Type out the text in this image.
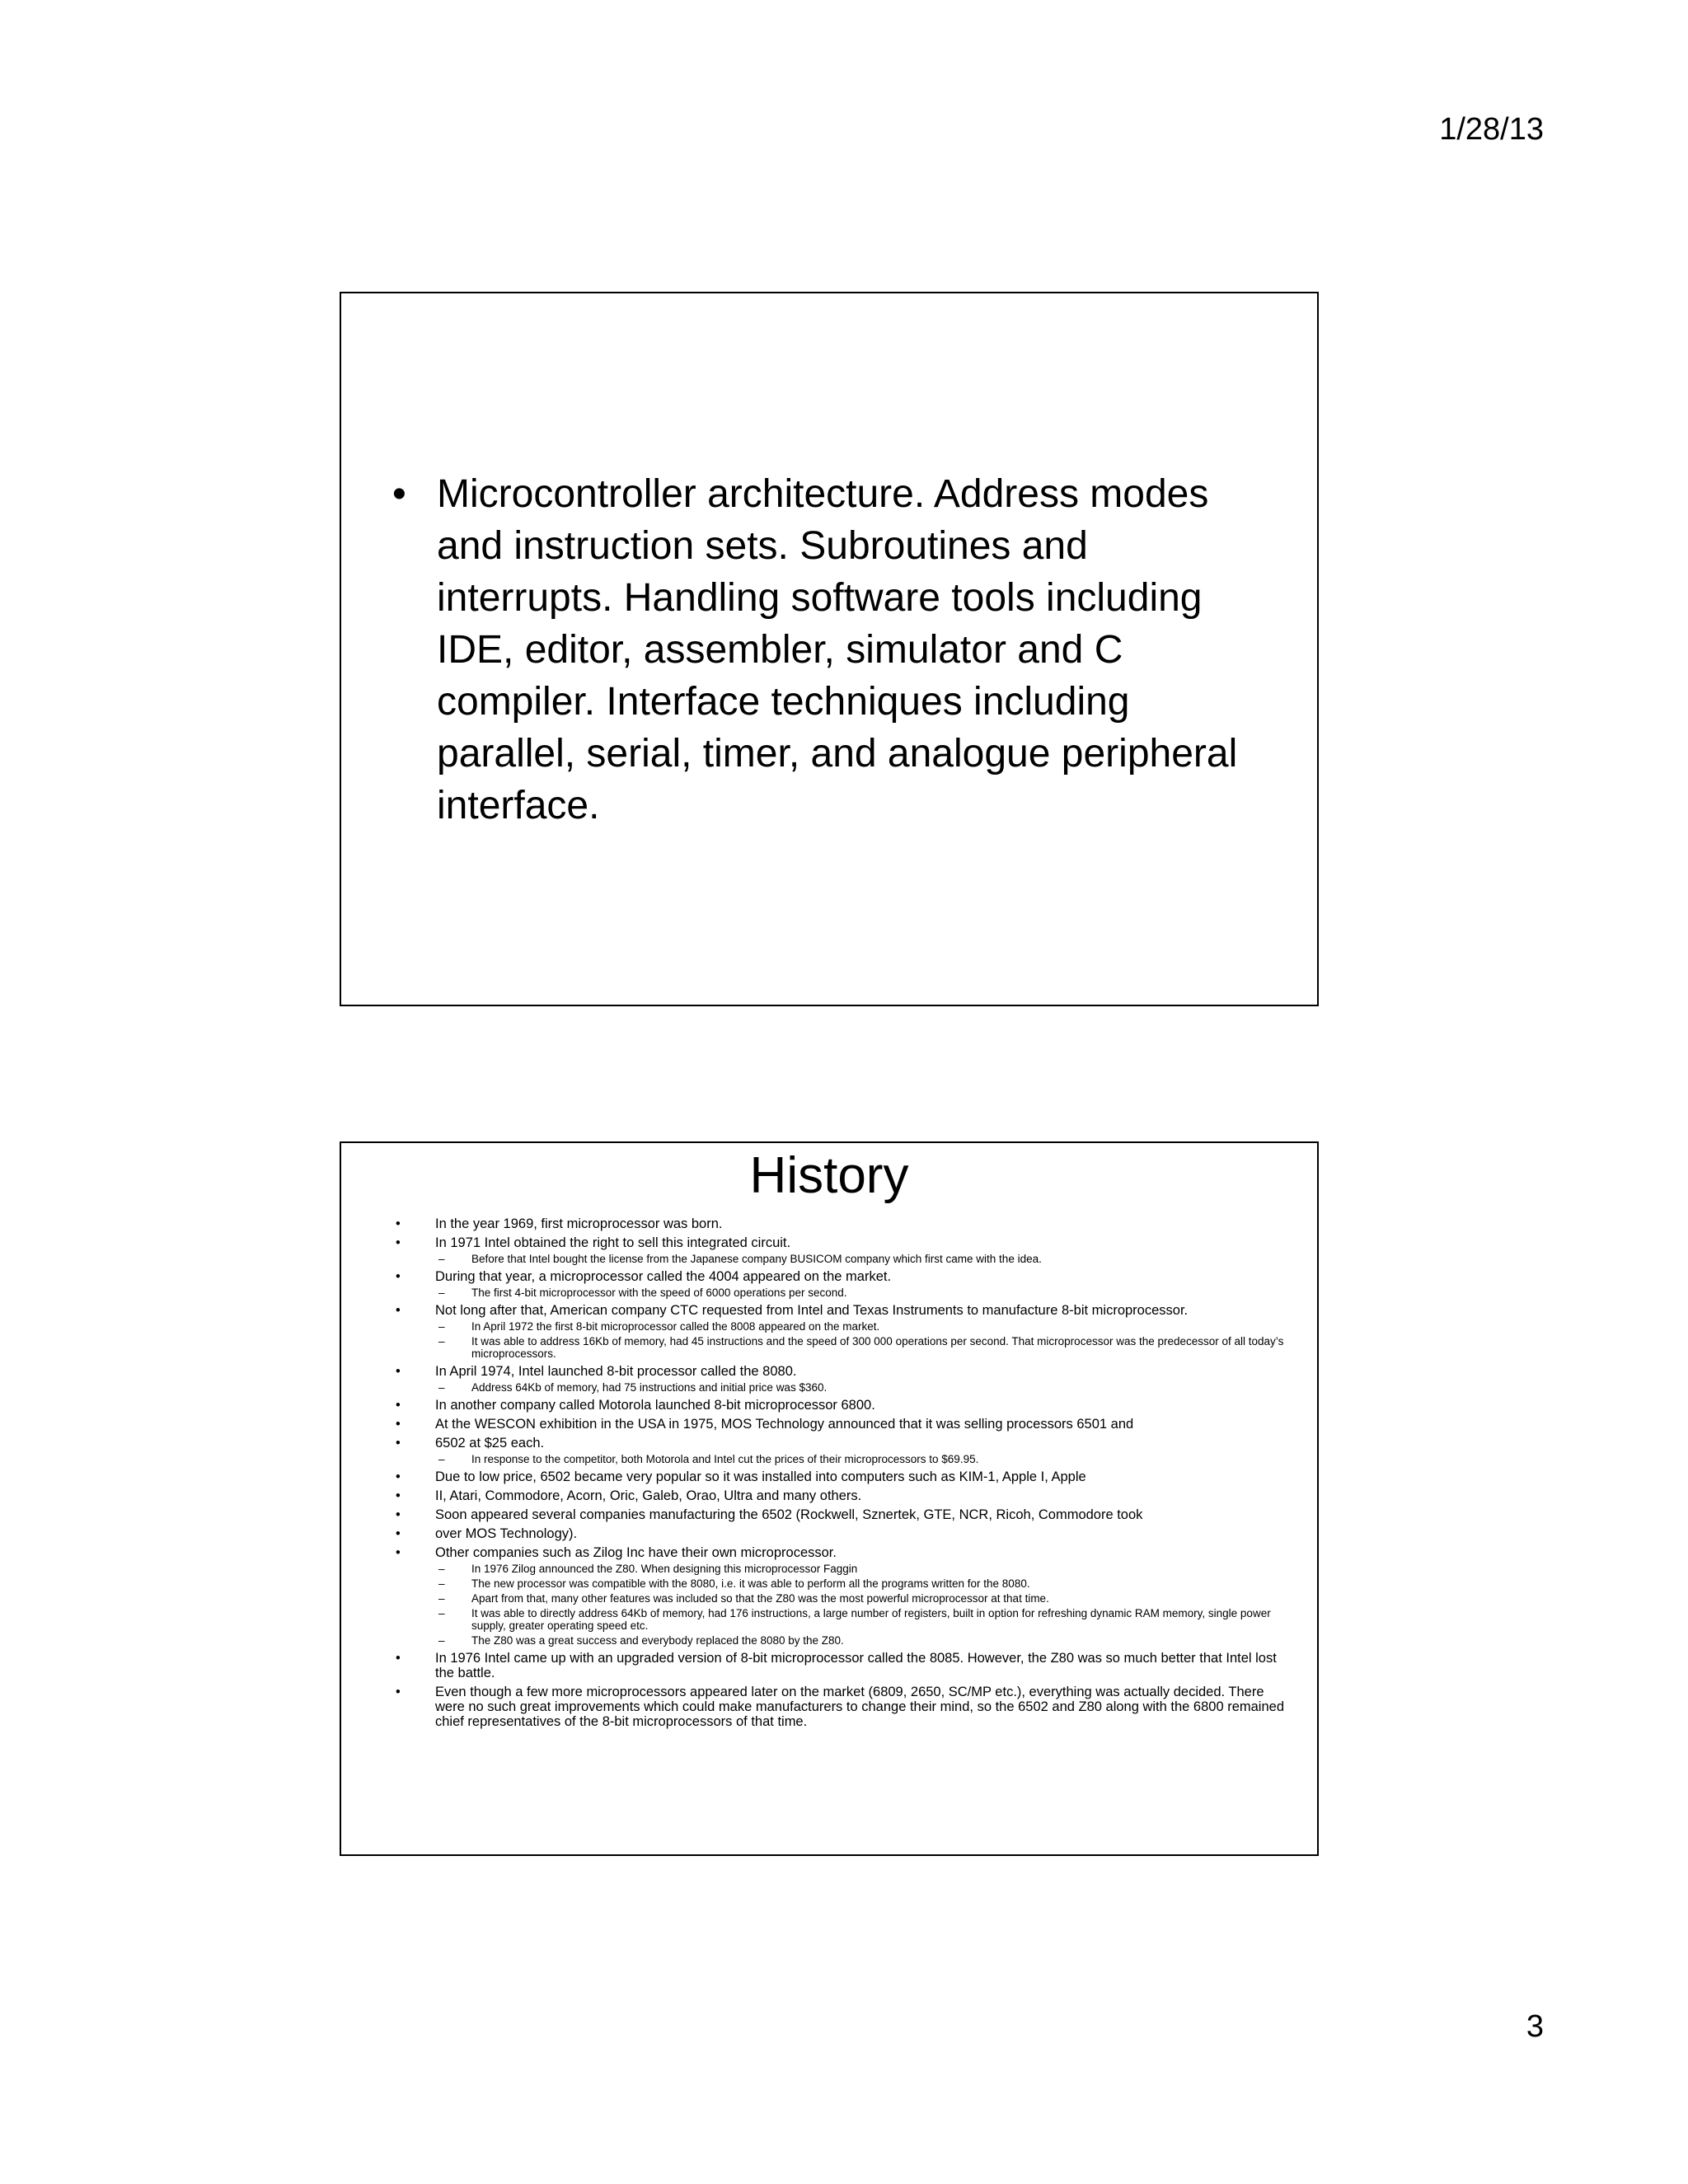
1/28/13
• Microcontroller architecture. Address modes and instruction sets. Subroutines and interrupts. Handling software tools including IDE, editor, assembler, simulator and C compiler. Interface techniques including parallel, serial, timer, and analogue peripheral interface.
History
•	In the year 1969, first microprocessor was born.
•	In 1971 Intel obtained the right to sell this integrated circuit.
–	Before that Intel bought the license from the Japanese company BUSICOM company which first came with the idea.
•	During that year, a microprocessor called the 4004 appeared on the market.
–	The first 4-bit microprocessor with the speed of 6000 operations per second.
•	Not long after that, American company CTC requested from Intel and Texas Instruments to manufacture 8-bit microprocessor.
–	In April 1972 the first 8-bit microprocessor called the 8008 appeared on the market.
–	It was able to address 16Kb of memory, had 45 instructions and the speed of 300 000 operations per second. That microprocessor was the predecessor of all today’s microprocessors.
•	In April 1974, Intel launched 8-bit processor called the 8080.
–	Address 64Kb of memory, had 75 instructions and initial price was $360.
•	In another company called Motorola launched 8-bit microprocessor 6800.
•	At the WESCON exhibition in the USA in 1975, MOS Technology announced that it was selling processors 6501 and
•	6502 at $25 each.
–	In response to the competitor, both Motorola and Intel cut the prices of their microprocessors to $69.95.
•	Due to low price, 6502 became very popular so it was installed into computers such as KIM-1, Apple I, Apple
•	II, Atari, Commodore, Acorn, Oric, Galeb, Orao, Ultra and many others.
•	Soon appeared several companies manufacturing the 6502 (Rockwell, Sznertek, GTE, NCR, Ricoh, Commodore took
•	over MOS Technology).
•	Other companies such as Zilog Inc have their own microprocessor.
–	In 1976 Zilog announced the Z80. When designing this microprocessor Faggin
–	The new processor was compatible with the 8080, i.e. it was able to perform all the programs written for the 8080.
–	Apart from that, many other features was included so that the Z80 was the most powerful microprocessor at that time.
–	It was able to directly address 64Kb of memory, had 176 instructions, a large number of registers, built in option for refreshing dynamic RAM memory, single power supply, greater operating speed etc.
–	The Z80 was a great success and everybody replaced the 8080 by the Z80.
•	In 1976 Intel came up with an upgraded version of 8-bit microprocessor called the 8085. However, the Z80 was so much better that Intel lost the battle.
•	Even though a few more microprocessors appeared later on the market (6809, 2650, SC/MP etc.), everything was actually decided. There were no such great improvements which could make manufacturers to change their mind, so the 6502 and Z80 along with the 6800 remained chief representatives of the 8-bit microprocessors of that time.
3
